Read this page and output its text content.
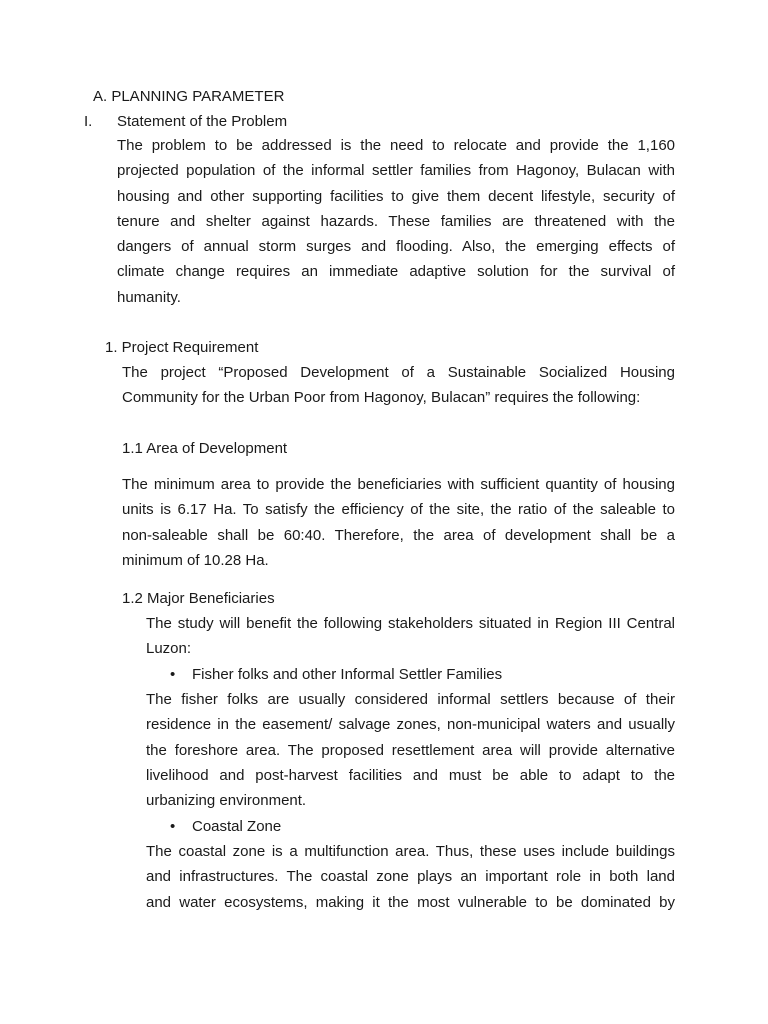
A. PLANNING PARAMETER
I. Statement of the Problem
The problem to be addressed is the need to relocate and provide the 1,160
projected population of the informal settler families from Hagonoy, Bulacan with
housing and other supporting facilities to give them decent lifestyle, security of
tenure and shelter against hazards. These families are threatened with the
dangers of annual storm surges and flooding. Also, the emerging effects of
climate change requires an immediate adaptive solution for the survival of
humanity.
1. Project Requirement
The project “Proposed Development of a Sustainable Socialized Housing
Community for the Urban Poor from Hagonoy, Bulacan” requires the following:
1.1 Area of Development
The minimum area to provide the beneficiaries with sufficient quantity of housing
units is 6.17 Ha. To satisfy the efficiency of the site, the ratio of the saleable to
non-saleable shall be 60:40. Therefore, the area of development shall be a
minimum of 10.28 Ha.
1.2 Major Beneficiaries
The study will benefit the following stakeholders situated in Region III Central
Luzon:
• Fisher folks and other Informal Settler Families
The fisher folks are usually considered informal settlers because of their
residence in the easement/ salvage zones, non-municipal waters and usually
the foreshore area. The proposed resettlement area will provide alternative
livelihood and post-harvest facilities and must be able to adapt to the
urbanizing environment.
• Coastal Zone
The coastal zone is a multifunction area. Thus, these uses include buildings
and infrastructures. The coastal zone plays an important role in both land
and water ecosystems, making it the most vulnerable to be dominated by
